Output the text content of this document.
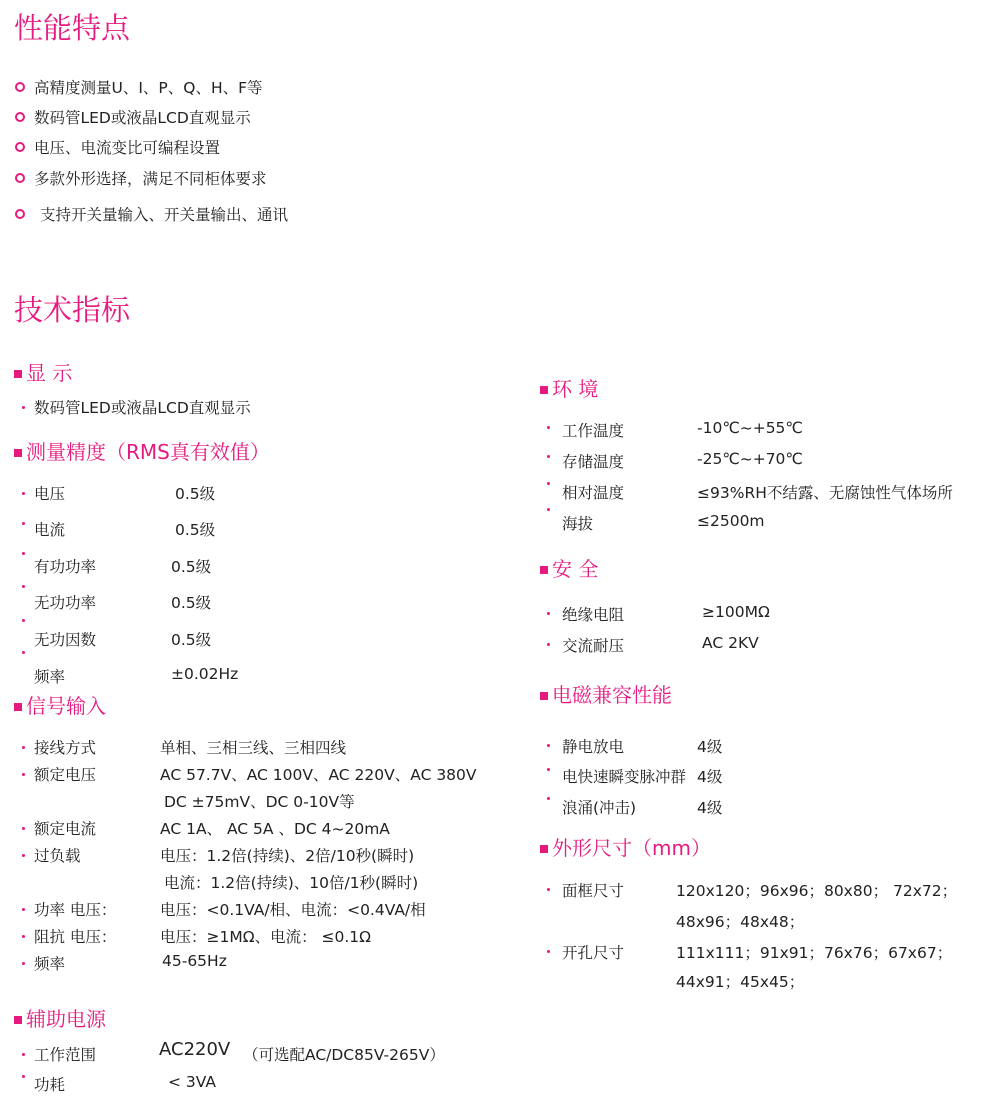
性能特点
高精度测量U、I、P、Q、H、F等
数码管LED或液晶LCD直观显示
电压、电流变比可编程设置
多款外形选择，满足不同柜体要求
支持开关量输入、开关量输出、通讯
技术指标
显 示
数码管LED或液晶LCD直观显示
测量精度（RMS真有效值）
电压	0.5级
电流	0.5级
有功功率	0.5级
无功功率	0.5级
无功因数	0.5级
频率	±0.02Hz
信号输入
接线方式	单相、三相三线、三相四线
额定电压	AC 57.7V、AC 100V、AC 220V、AC 380V
DC ±75mV、DC 0-10V等
额定电流	AC 1A、 AC 5A 、DC 4~20mA
过负载	电压：1.2倍(持续)、2倍/10秒(瞬时)
电流：1.2倍(持续)、10倍/1秒(瞬时)
功率 电压：	电压：<0.1VA/相、电流：<0.4VA/相
阻抗 电压：	电压：≥1MΩ、电流： ≤0.1Ω
频率	45-65Hz
辅助电源
工作范围	AC220V （可选配AC/DC85V-265V）
功耗	< 3VA
环 境
工作温度	-10℃~+55℃
存储温度	-25℃~+70℃
相对温度	≤93%RH不结露、无腐蚀性气体场所
海拔	≤2500m
安 全
绝缘电阻	≥100MΩ
交流耐压	AC 2KV
电磁兼容性能
静电放电	4级
电快速瞬变脉冲群 4级
浪涌(冲击)	4级
外形尺寸（mm）
面框尺寸	120x120；96x96；80x80； 72x72；
48x96；48x48；
开孔尺寸	111x111；91x91；76x76；67x67；
44x91；45x45；
